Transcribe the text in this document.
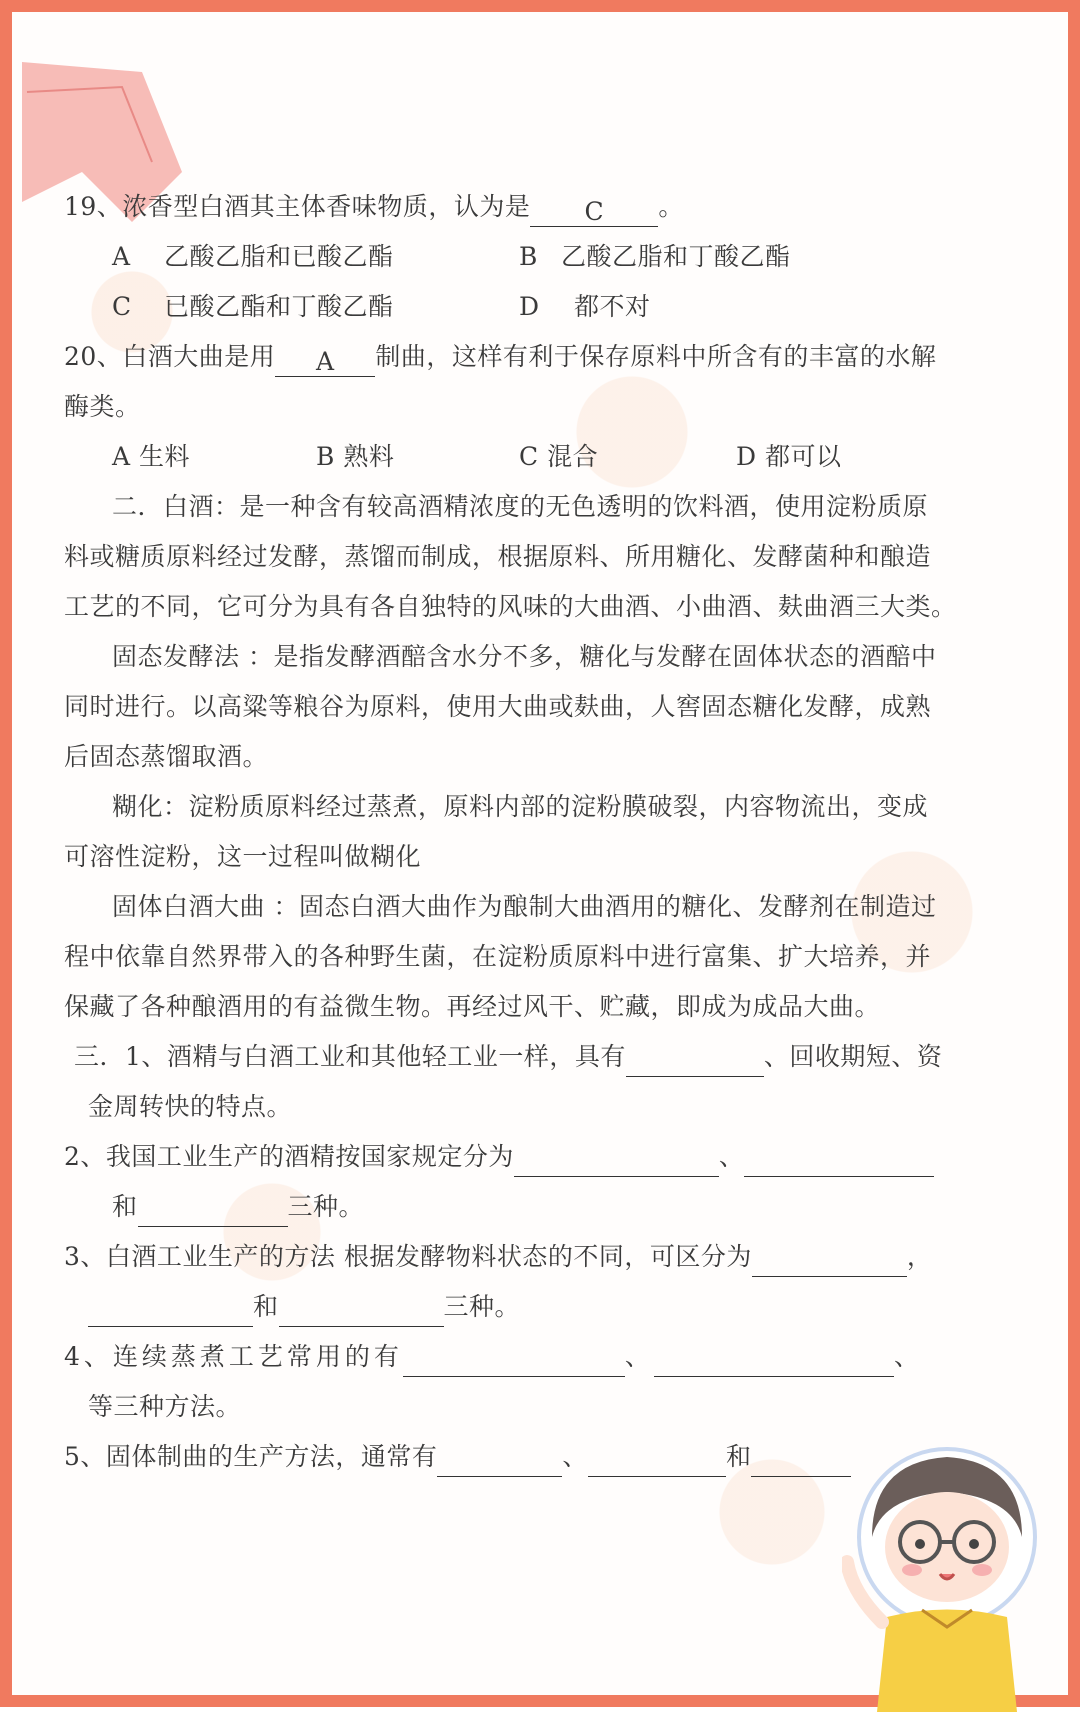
19、浓香型白酒其主体香味物质，认为是 C 。
A 乙酸乙脂和已酸乙酯	B 乙酸乙脂和丁酸乙酯
C 已酸乙酯和丁酸乙酯	D 都不对
20、白酒大曲是用 A 制曲，这样有利于保存原料中所含有的丰富的水解
酶类。
A 生料	B 熟料	C 混合	D 都可以
二．白酒：是一种含有较高酒精浓度的无色透明的饮料酒，使用淀粉质原
料或糖质原料经过发酵，蒸馏而制成，根据原料、所用糖化、发酵菌种和酿造
工艺的不同，它可分为具有各自独特的风味的大曲酒、小曲酒、麸曲酒三大类。
固态发酵法 ：是指发酵酒醅含水分不多，糖化与发酵在固体状态的酒醅中
同时进行。以高粱等粮谷为原料，使用大曲或麸曲，人窖固态糖化发酵，成熟
后固态蒸馏取酒。
糊化：淀粉质原料经过蒸煮，原料内部的淀粉膜破裂，内容物流出，变成
可溶性淀粉，这一过程叫做糊化
固体白酒大曲 ：固态白酒大曲作为酿制大曲酒用的糖化、发酵剂在制造过
程中依靠自然界带入的各种野生菌，在淀粉质原料中进行富集、扩大培养，并
保藏了各种酿酒用的有益微生物。再经过风干、贮藏，即成为成品大曲。
三．1、酒精与白酒工业和其他轻工业一样，具有	、回收期短、资
金周转快的特点。
2、我国工业生产的酒精按国家规定分为	、
和	三种。
3、白酒工业生产的方法 根据发酵物料状态的不同，可区分为	，
和	三种。
4、连续蒸煮工艺常用的有	、	、
等三种方法。
5、固体制曲的生产方法，通常有	、	和
